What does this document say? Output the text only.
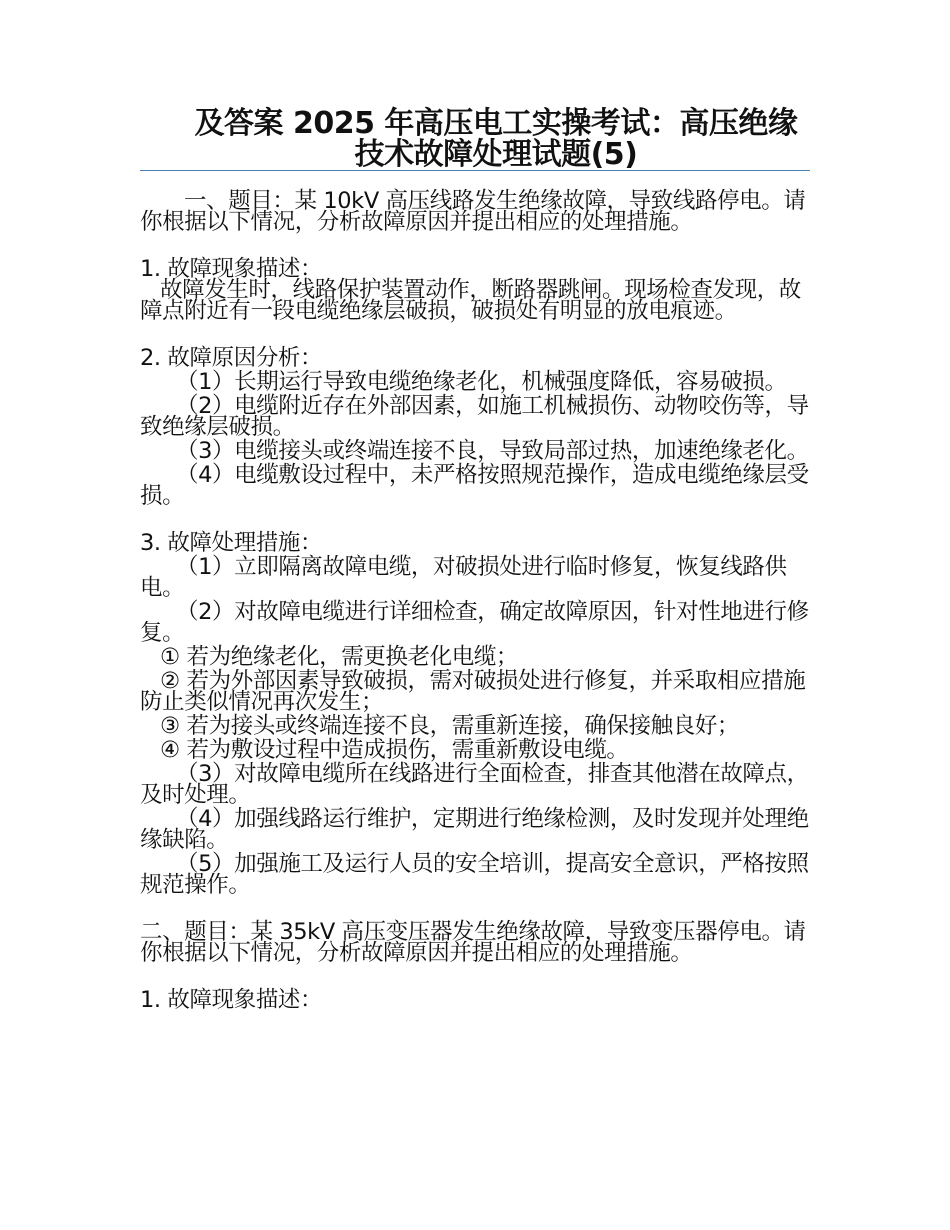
及答案 2025 年高压电工实操考试：高压绝缘技术故障处理试题(5)

一、题目：某 10kV 高压线路发生绝缘故障，导致线路停电。请你根据以下情况，分析故障原因并提出相应的处理措施。

1. 故障现象描述：

故障发生时，线路保护装置动作，断路器跳闸。现场检查发现，故障点附近有一段电缆绝缘层破损，破损处有明显的放电痕迹。

2. 故障原因分析：

（1）长期运行导致电缆绝缘老化，机械强度降低，容易破损。

（2）电缆附近存在外部因素，如施工机械损伤、动物咬伤等，导致绝缘层破损。

（3）电缆接头或终端连接不良，导致局部过热，加速绝缘老化。

（4）电缆敷设过程中，未严格按照规范操作，造成电缆绝缘层受损。

3. 故障处理措施：

（1）立即隔离故障电缆，对破损处进行临时修复，恢复线路供电。

（2）对故障电缆进行详细检查，确定故障原因，针对性地进行修复。

① 若为绝缘老化，需更换老化电缆；

② 若为外部因素导致破损，需对破损处进行修复，并采取相应措施防止类似情况再次发生；

③ 若为接头或终端连接不良，需重新连接，确保接触良好；

④ 若为敷设过程中造成损伤，需重新敷设电缆。

（3）对故障电缆所在线路进行全面检查，排查其他潜在故障点，及时处理。

（4）加强线路运行维护，定期进行绝缘检测，及时发现并处理绝缘缺陷。

（5）加强施工及运行人员的安全培训，提高安全意识，严格按照规范操作。

二、题目：某 35kV 高压变压器发生绝缘故障，导致变压器停电。请你根据以下情况，分析故障原因并提出相应的处理措施。

1. 故障现象描述：
